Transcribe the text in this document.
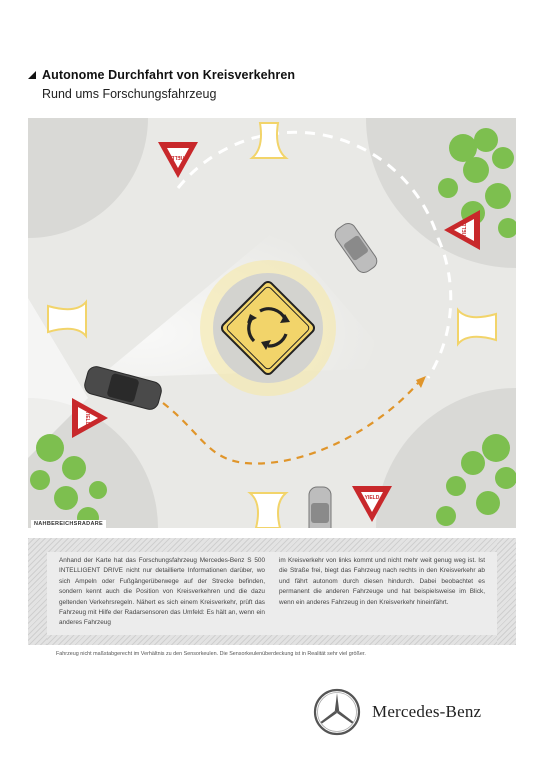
Autonome Durchfahrt von Kreisverkehren
Rund ums Forschungsfahrzeug
YIELD
YIELD
YIELD
YIELD
NAHBEREICHSRADARE

Anhand der Karte hat das Forschungsfahrzeug Mercedes-Benz S 500 INTELLIGENT DRIVE nicht nur detaillierte Informationen darüber, wo sich Ampeln oder Fußgängerüberwege auf der Strecke befinden, sondern kennt auch die Position von Kreisverkehren und die dazu geltenden Verkehrsregeln. Nähert es sich einem Kreisverkehr, prüft das Fahrzeug mit Hilfe der Radarsensoren das Umfeld: Es hält an, wenn ein anderes Fahrzeug

im Kreisverkehr von links kommt und nicht mehr weit genug weg ist. Ist die Straße frei, biegt das Fahrzeug nach rechts in den Kreisverkehr ab und fährt autonom durch diesen hindurch. Dabei beobachtet es permanent die anderen Fahrzeuge und hat beispielsweise im Blick, wenn ein anderes Fahrzeug in den Kreisverkehr hineinfährt.

Fahrzeug nicht maßstabgerecht im Verhältnis zu den Sensorkeulen. Die Sensorkeulenüberdeckung ist in Realität sehr viel größer.
Mercedes-Benz
